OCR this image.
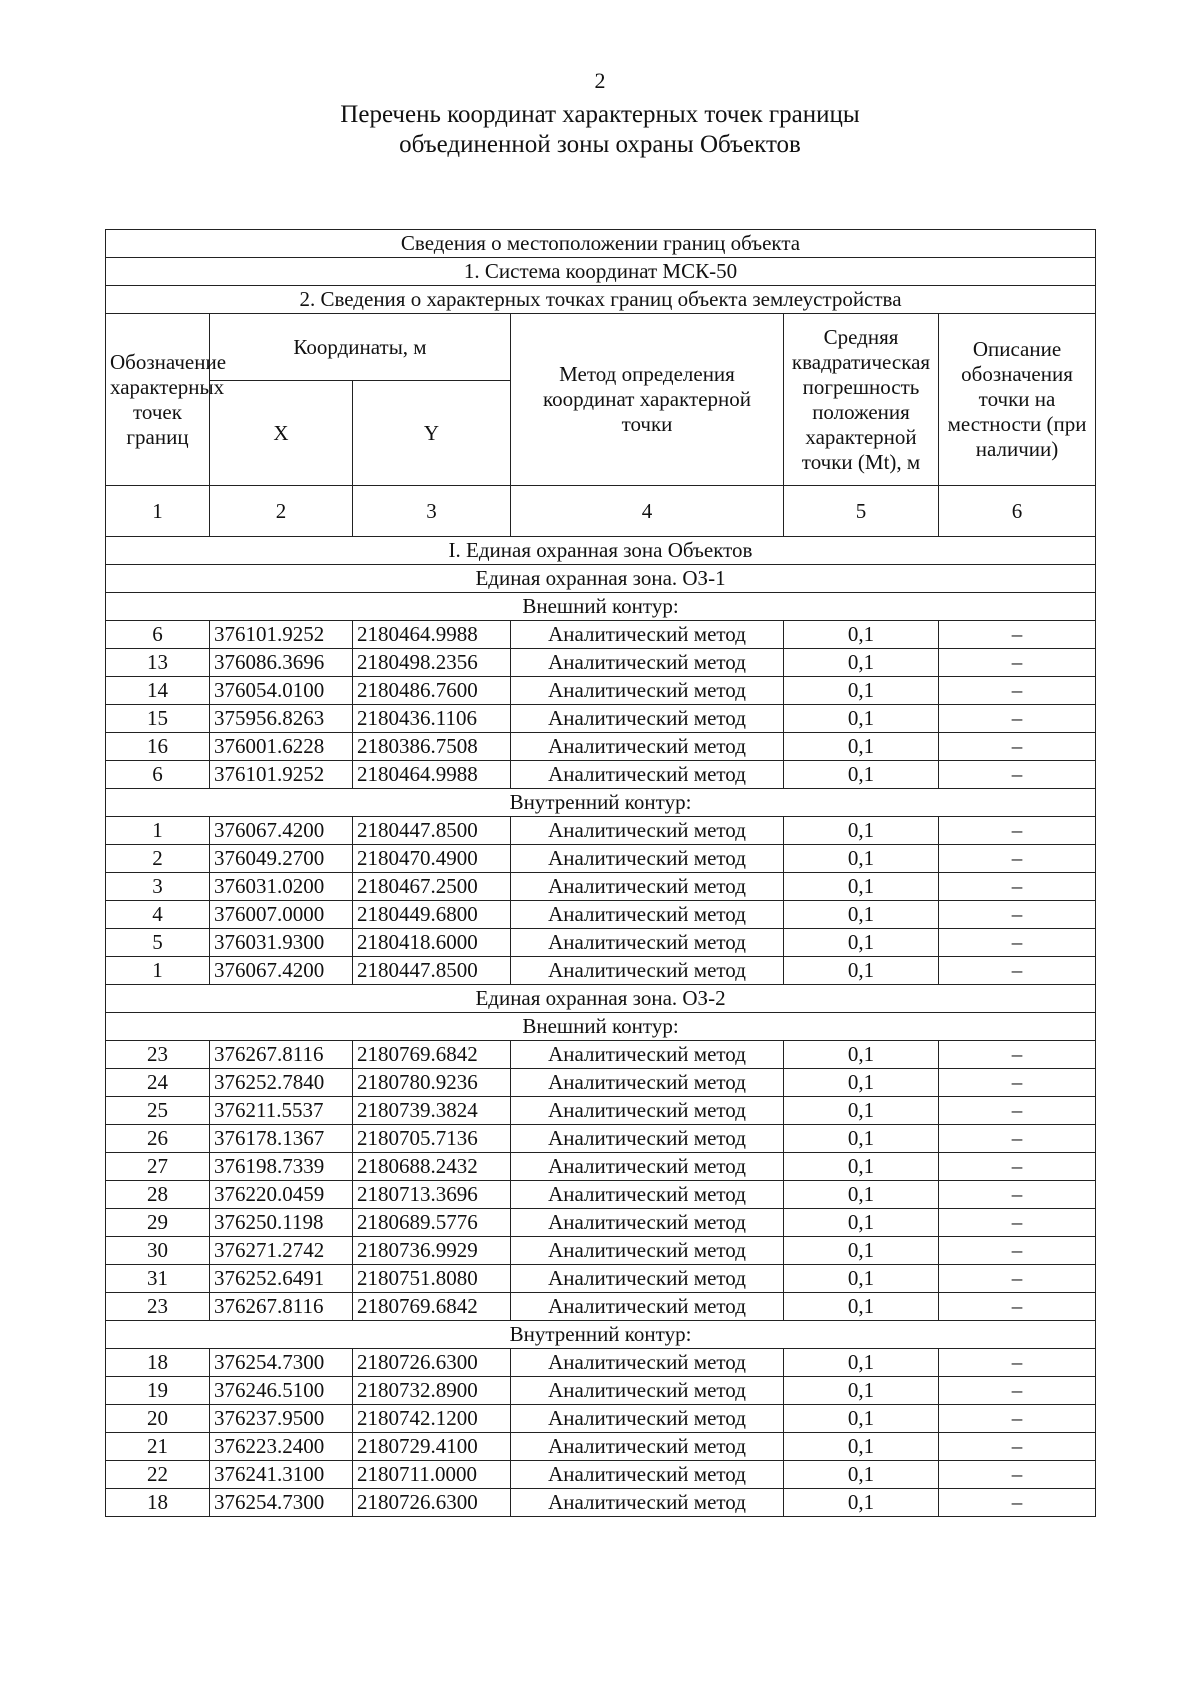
2
Перечень координат характерных точек границы
объединенной зоны охраны Объектов
Сведения о местоположении границ объекта					
1. Система координат МСК-50					
2. Сведения о характерных точках границ объекта землеустройства					
Обозначение характерных точек границ	Координаты, м		Метод определения координат характерной точки	Средняя квадратическая погрешность положения характерной точки (Mt), м	Описание обозначения точки на местности (при наличии)
	X	Y			
1	2	3	4	5	6
I. Единая охранная зона Объектов					
Единая охранная зона. ОЗ-1					
Внешний контур:					
6	376101.9252	2180464.9988	Аналитический метод	0,1	–
13	376086.3696	2180498.2356	Аналитический метод	0,1	–
14	376054.0100	2180486.7600	Аналитический метод	0,1	–
15	375956.8263	2180436.1106	Аналитический метод	0,1	–
16	376001.6228	2180386.7508	Аналитический метод	0,1	–
6	376101.9252	2180464.9988	Аналитический метод	0,1	–
Внутренний контур:					
1	376067.4200	2180447.8500	Аналитический метод	0,1	–
2	376049.2700	2180470.4900	Аналитический метод	0,1	–
3	376031.0200	2180467.2500	Аналитический метод	0,1	–
4	376007.0000	2180449.6800	Аналитический метод	0,1	–
5	376031.9300	2180418.6000	Аналитический метод	0,1	–
1	376067.4200	2180447.8500	Аналитический метод	0,1	–
Единая охранная зона. ОЗ-2					
Внешний контур:					
23	376267.8116	2180769.6842	Аналитический метод	0,1	–
24	376252.7840	2180780.9236	Аналитический метод	0,1	–
25	376211.5537	2180739.3824	Аналитический метод	0,1	–
26	376178.1367	2180705.7136	Аналитический метод	0,1	–
27	376198.7339	2180688.2432	Аналитический метод	0,1	–
28	376220.0459	2180713.3696	Аналитический метод	0,1	–
29	376250.1198	2180689.5776	Аналитический метод	0,1	–
30	376271.2742	2180736.9929	Аналитический метод	0,1	–
31	376252.6491	2180751.8080	Аналитический метод	0,1	–
23	376267.8116	2180769.6842	Аналитический метод	0,1	–
Внутренний контур:					
18	376254.7300	2180726.6300	Аналитический метод	0,1	–
19	376246.5100	2180732.8900	Аналитический метод	0,1	–
20	376237.9500	2180742.1200	Аналитический метод	0,1	–
21	376223.2400	2180729.4100	Аналитический метод	0,1	–
22	376241.3100	2180711.0000	Аналитический метод	0,1	–
18	376254.7300	2180726.6300	Аналитический метод	0,1	–
